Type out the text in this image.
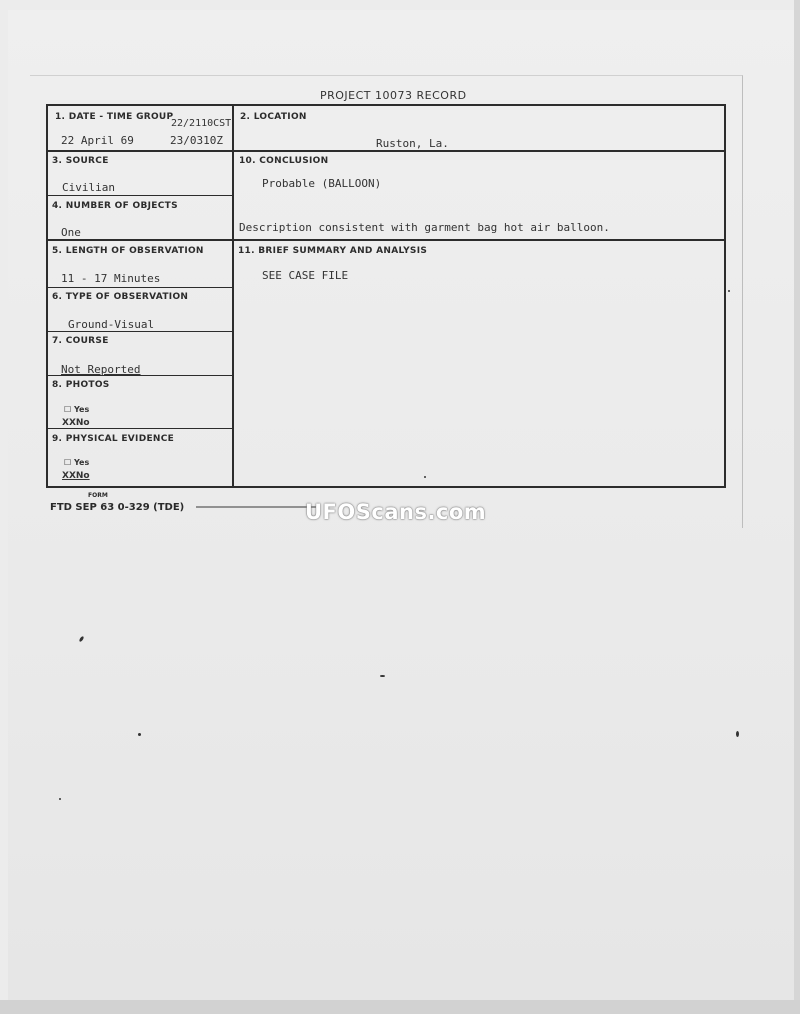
PROJECT 10073 RECORD
1. DATE - TIME GROUP
22/2110CST
22 April 69	23/0310Z
2. LOCATION
Ruston, La.
3. SOURCE
Civilian
4. NUMBER OF OBJECTS
One
5. LENGTH OF OBSERVATION
11 - 17 Minutes
6. TYPE OF OBSERVATION
Ground-Visual
7. COURSE
Not Reported
8. PHOTOS
☐ Yes
XXNo
9. PHYSICAL EVIDENCE
☐ Yes
XXNo
10. CONCLUSION
Probable (BALLOON)
Description consistent with garment bag hot air balloon.
11. BRIEF SUMMARY AND ANALYSIS
SEE CASE FILE
FORM
FTD SEP 63 0-329 (TDE)	UFOScans.com
